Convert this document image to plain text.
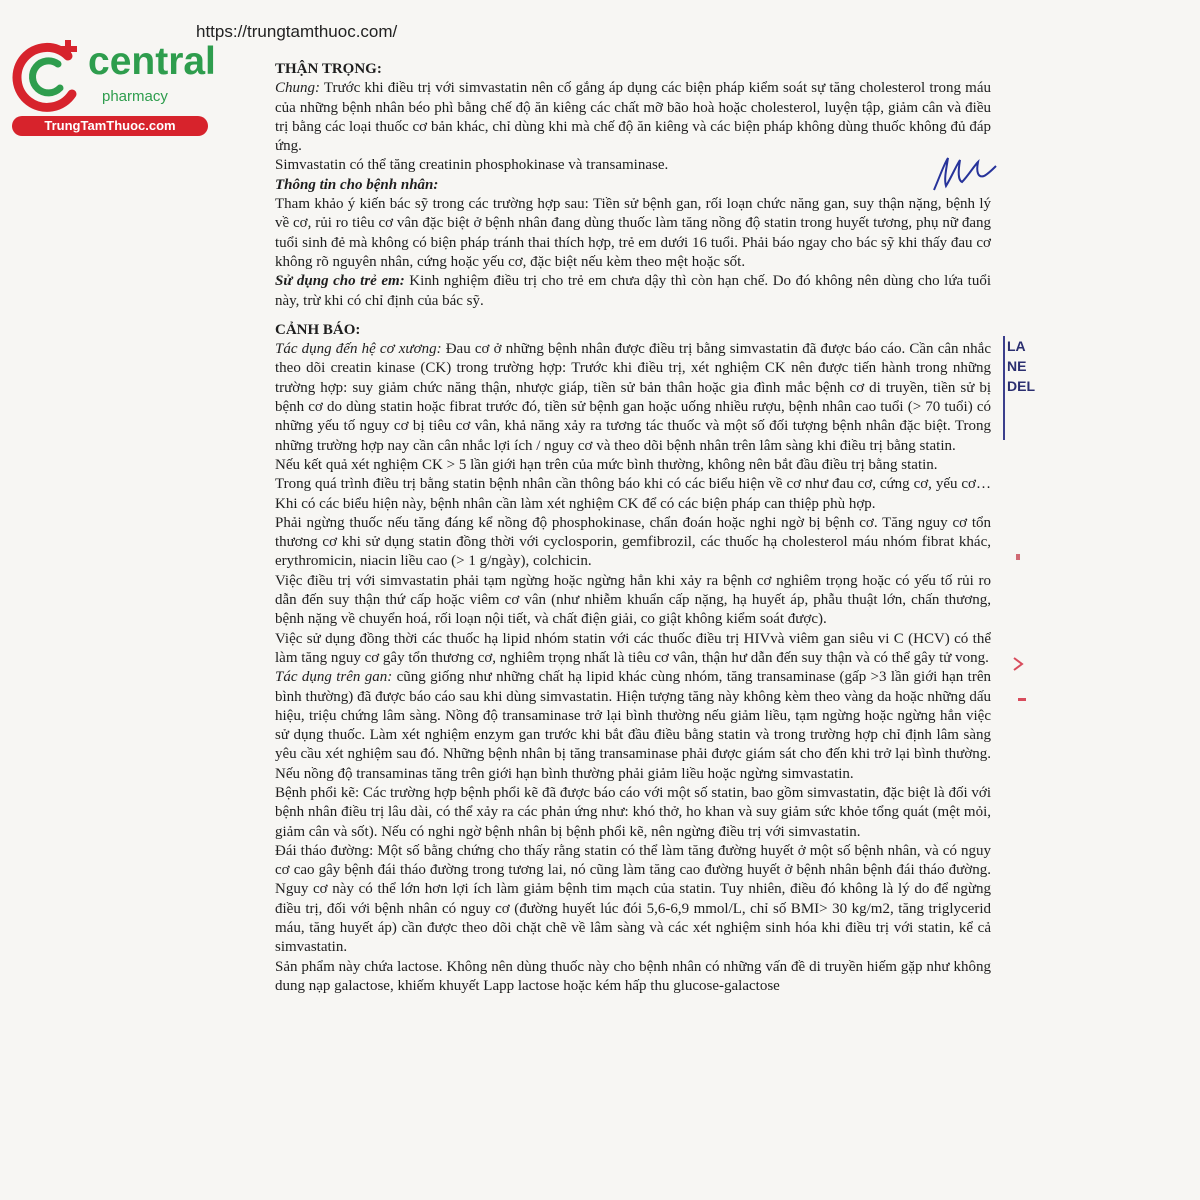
https://trungtamthuoc.com/
central
pharmacy
TrungTamThuoc.com
LA
NE
DEL

THẬN TRỌNG:

Chung: Trước khi điều trị với simvastatin nên cố gắng áp dụng các biện pháp kiểm soát sự tăng cholesterol trong máu của những bệnh nhân béo phì bằng chế độ ăn kiêng các chất mỡ bão hoà hoặc cholesterol, luyện tập, giảm cân và điều trị bằng các loại thuốc cơ bản khác, chỉ dùng khi mà chế độ ăn kiêng và các biện pháp không dùng thuốc không đủ đáp ứng.

Simvastatin có thể tăng creatinin phosphokinase và transaminase.

Thông tin cho bệnh nhân:

Tham khảo ý kiến bác sỹ trong các trường hợp sau: Tiền sử bệnh gan, rối loạn chức năng gan, suy thận nặng, bệnh lý về cơ, rủi ro tiêu cơ vân đặc biệt ở bệnh nhân đang dùng thuốc làm tăng nồng độ statin trong huyết tương, phụ nữ đang tuổi sinh đẻ mà không có biện pháp tránh thai thích hợp, trẻ em dưới 16 tuổi. Phải báo ngay cho bác sỹ khi thấy đau cơ không rõ nguyên nhân, cứng hoặc yếu cơ, đặc biệt nếu kèm theo mệt hoặc sốt.

Sử dụng cho trẻ em: Kinh nghiệm điều trị cho trẻ em chưa dậy thì còn hạn chế. Do đó không nên dùng cho lứa tuổi này, trừ khi có chỉ định của bác sỹ.

CẢNH BÁO:

Tác dụng đến hệ cơ xương: Đau cơ ở những bệnh nhân được điều trị bằng simvastatin đã được báo cáo. Cần cân nhắc theo dõi creatin kinase (CK) trong trường hợp: Trước khi điều trị, xét nghiệm CK nên được tiến hành trong những trường hợp: suy giảm chức năng thận, nhược giáp, tiền sử bản thân hoặc gia đình mắc bệnh cơ di truyền, tiền sử bị bệnh cơ do dùng statin hoặc fibrat trước đó, tiền sử bệnh gan hoặc uống nhiều rượu, bệnh nhân cao tuổi (> 70 tuổi) có những yếu tố nguy cơ bị tiêu cơ vân, khả năng xảy ra tương tác thuốc và một số đối tượng bệnh nhân đặc biệt. Trong những trường hợp nay cần cân nhắc lợi ích / nguy cơ và theo dõi bệnh nhân trên lâm sàng khi điều trị bằng statin.

Nếu kết quả xét nghiệm CK > 5 lần giới hạn trên của mức bình thường, không nên bắt đầu điều trị bằng statin.

Trong quá trình điều trị bằng statin bệnh nhân cần thông báo khi có các biểu hiện về cơ như đau cơ, cứng cơ, yếu cơ… Khi có các biểu hiện này, bệnh nhân cần làm xét nghiệm CK để có các biện pháp can thiệp phù hợp.

Phải ngừng thuốc nếu tăng đáng kể nồng độ phosphokinase, chẩn đoán hoặc nghi ngờ bị bệnh cơ. Tăng nguy cơ tổn thương cơ khi sử dụng statin đồng thời với cyclosporin, gemfibrozil, các thuốc hạ cholesterol máu nhóm fibrat khác, erythromicin, niacin liều cao (> 1 g/ngày), colchicin.

Việc điều trị với simvastatin phải tạm ngừng hoặc ngừng hẳn khi xảy ra bệnh cơ nghiêm trọng hoặc có yếu tố rủi ro dẫn đến suy thận thứ cấp hoặc viêm cơ vân (như nhiễm khuẩn cấp nặng, hạ huyết áp, phẫu thuật lớn, chấn thương, bệnh nặng về chuyển hoá, rối loạn nội tiết, và chất điện giải, co giật không kiểm soát được).

Việc sử dụng đồng thời các thuốc hạ lipid nhóm statin với các thuốc điều trị HIVvà viêm gan siêu vi C (HCV) có thể làm tăng nguy cơ gây tổn thương cơ, nghiêm trọng nhất là tiêu cơ vân, thận hư dẫn đến suy thận và có thể gây tử vong.

Tác dụng trên gan: cũng giống như những chất hạ lipid khác cùng nhóm, tăng transaminase (gấp >3 lần giới hạn trên bình thường) đã được báo cáo sau khi dùng simvastatin. Hiện tượng tăng này không kèm theo vàng da hoặc những dấu hiệu, triệu chứng lâm sàng. Nồng độ transaminase trở lại bình thường nếu giảm liều, tạm ngừng hoặc ngừng hẳn việc sử dụng thuốc. Làm xét nghiệm enzym gan trước khi bắt đầu điều bằng statin và trong trường hợp chỉ định lâm sàng yêu cầu xét nghiệm sau đó. Những bệnh nhân bị tăng transaminase phải được giám sát cho đến khi trở lại bình thường. Nếu nồng độ transaminas tăng trên giới hạn bình thường phải giảm liều hoặc ngừng simvastatin.

Bệnh phổi kẽ: Các trường hợp bệnh phổi kẽ đã được báo cáo với một số statin, bao gồm simvastatin, đặc biệt là đối với bệnh nhân điều trị lâu dài, có thể xảy ra các phản ứng như: khó thở, ho khan và suy giảm sức khỏe tổng quát (mệt mỏi, giảm cân và sốt). Nếu có nghi ngờ bệnh nhân bị bệnh phổi kẽ, nên ngừng điều trị với simvastatin.

Đái tháo đường: Một số bằng chứng cho thấy rằng statin có thể làm tăng đường huyết ở một số bệnh nhân, và có nguy cơ cao gây bệnh đái tháo đường trong tương lai, nó cũng làm tăng cao đường huyết ở bệnh nhân bệnh đái tháo đường. Nguy cơ này có thể lớn hơn lợi ích làm giảm bệnh tim mạch của statin. Tuy nhiên, điều đó không là lý do để ngừng điều trị, đối với bệnh nhân có nguy cơ (đường huyết lúc đói 5,6-6,9 mmol/L, chỉ số BMI> 30 kg/m2, tăng triglycerid máu, tăng huyết áp) cần được theo dõi chặt chẽ về lâm sàng và các xét nghiệm sinh hóa khi điều trị với statin, kể cả simvastatin.

Sản phẩm này chứa lactose. Không nên dùng thuốc này cho bệnh nhân có những vấn đề di truyền hiếm gặp như không dung nạp galactose, khiếm khuyết Lapp lactose hoặc kém hấp thu glucose-galactose
